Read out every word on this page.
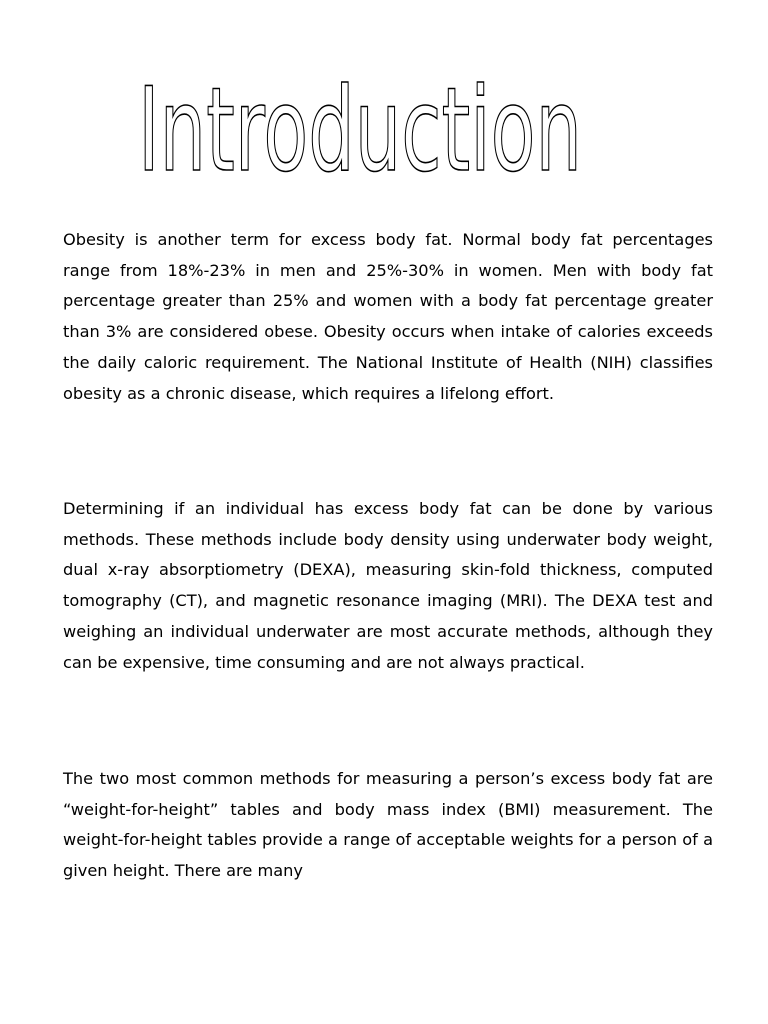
Introduction

Obesity is another term for excess body fat. Normal body fat percentages range from 18%-23% in men and 25%-30% in women. Men with body fat percentage greater than 25% and women with a body fat percentage greater than 3% are considered obese. Obesity occurs when intake of calories exceeds the daily caloric requirement. The National Institute of Health (NIH) classifies obesity as a chronic disease, which requires a lifelong effort.

Determining if an individual has excess body fat can be done by various methods. These methods include body density using underwater body weight, dual x-ray absorptiometry (DEXA), measuring skin-fold thickness, computed tomography (CT), and magnetic resonance imaging (MRI). The DEXA test and weighing an individual underwater are most accurate methods, although they can be expensive, time consuming and are not always practical.

The two most common methods for measuring a person’s excess body fat are “weight-for-height” tables and body mass index (BMI) measurement. The weight-for-height tables provide a range of acceptable weights for a person of a given height. There are many
